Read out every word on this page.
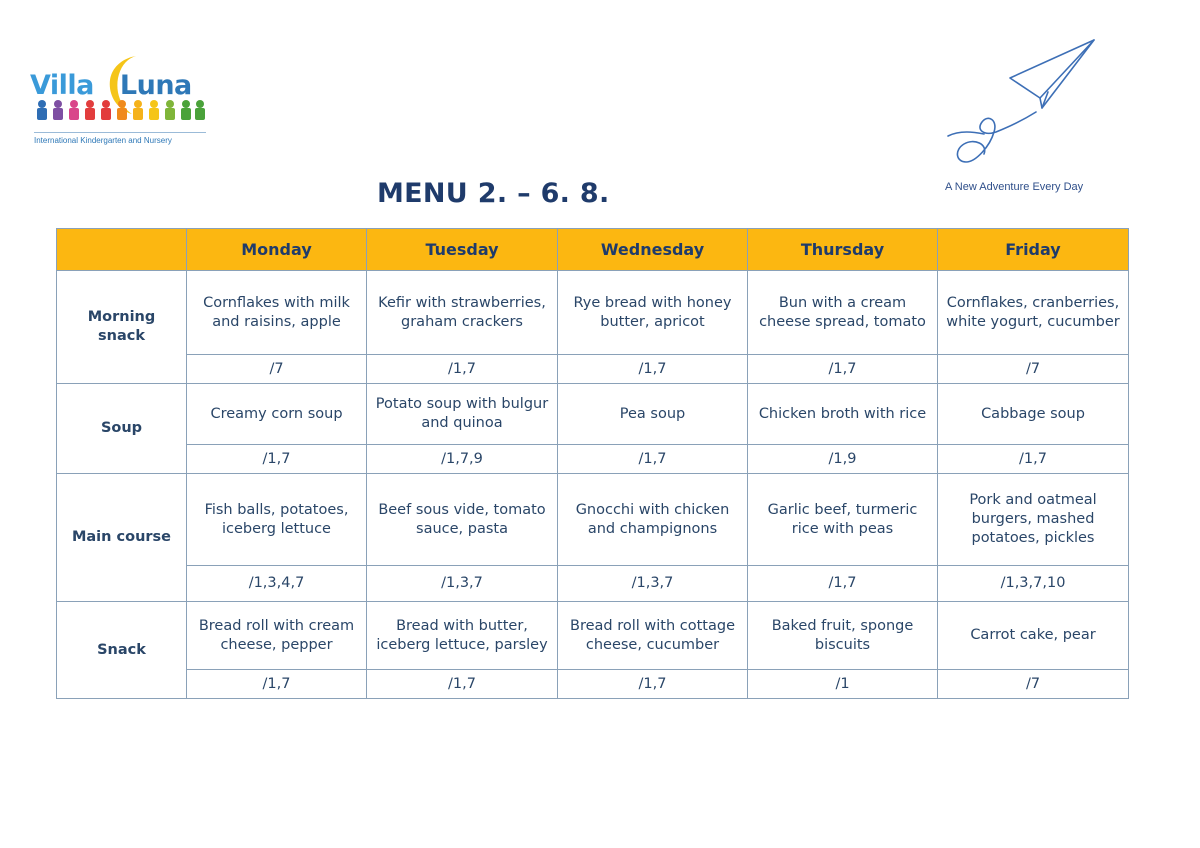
Villa Luna
International Kindergarten and Nursery
A New Adventure Every Day
MENU 2. – 6. 8.
	Monday	Tuesday	Wednesday	Thursday	Friday
Morning snack	Cornflakes with milk and raisins, apple	Kefir with strawberries, graham crackers	Rye bread with honey butter, apricot	Bun with a cream cheese spread, tomato	Cornflakes, cranberries, white yogurt, cucumber
	/7	/1,7	/1,7	/1,7	/7
Soup	Creamy corn soup	Potato soup with bulgur and quinoa	Pea soup	Chicken broth with rice	Cabbage soup
	/1,7	/1,7,9	/1,7	/1,9	/1,7
Main course	Fish balls, potatoes, iceberg lettuce	Beef sous vide, tomato sauce, pasta	Gnocchi with chicken and champignons	Garlic beef, turmeric rice with peas	Pork and oatmeal burgers, mashed potatoes, pickles
	/1,3,4,7	/1,3,7	/1,3,7	/1,7	/1,3,7,10
Snack	Bread roll with cream cheese, pepper	Bread with butter, iceberg lettuce, parsley	Bread roll with cottage cheese, cucumber	Baked fruit, sponge biscuits	Carrot cake, pear
	/1,7	/1,7	/1,7	/1	/7
